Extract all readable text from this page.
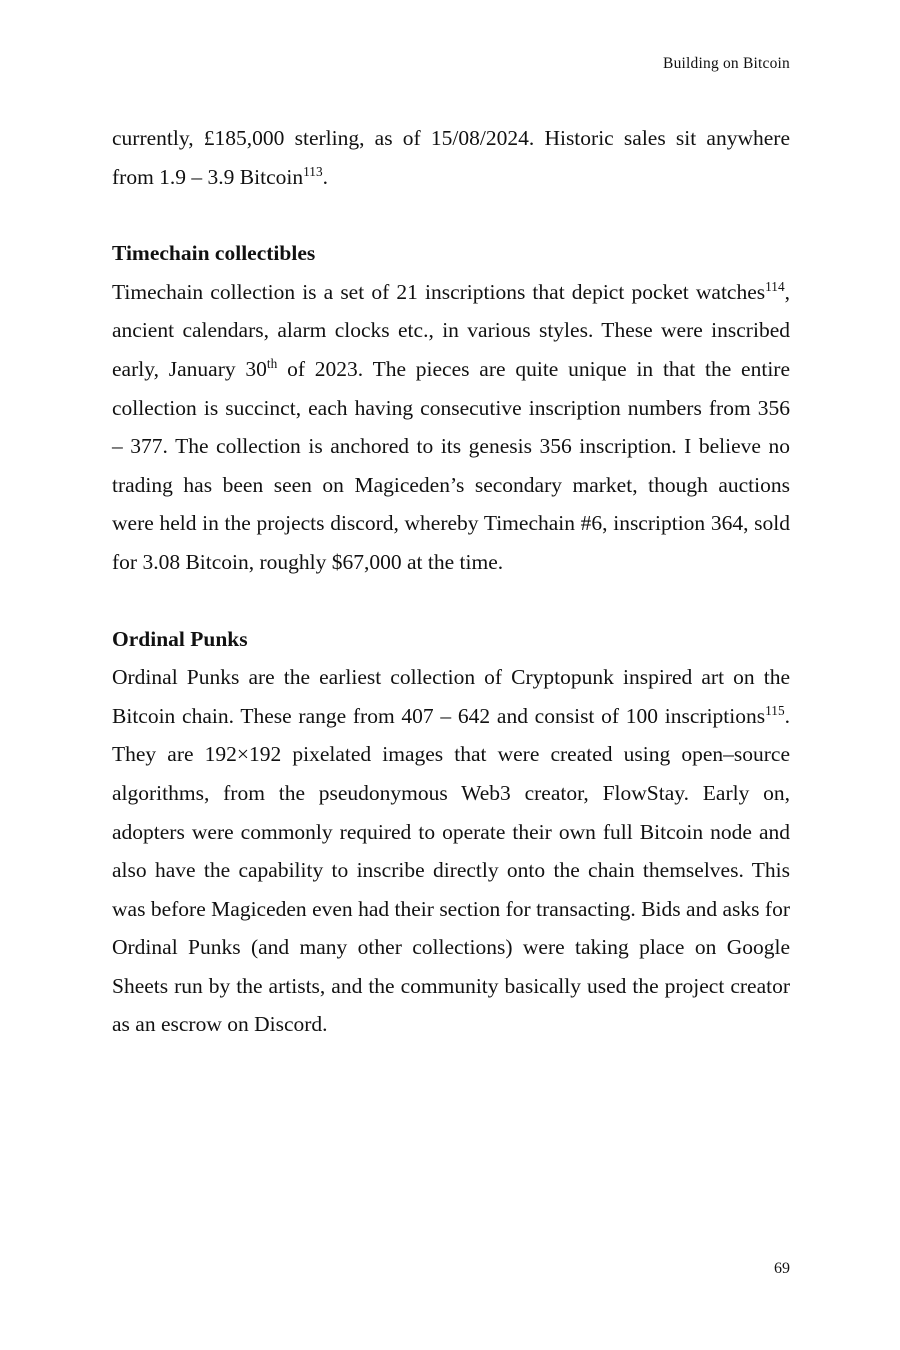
Building on Bitcoin

currently, £185,000 sterling, as of 15/08/2024. Historic sales sit anywhere from 1.9 – 3.9 Bitcoin$^{113}$.

Timechain collectibles

Timechain collection is a set of 21 inscriptions that depict pocket watches$^{114}$, ancient calendars, alarm clocks etc., in various styles. These were inscribed early, January 30th of 2023. The pieces are quite unique in that the entire collection is succinct, each having consecutive inscription numbers from 356 – 377. The collection is anchored to its genesis 356 inscription. I believe no trading has been seen on Magiceden’s secondary market, though auctions were held in the projects discord, whereby Timechain #6, inscription 364, sold for 3.08 Bitcoin, roughly $67,000 at the time.

Ordinal Punks

Ordinal Punks are the earliest collection of Cryptopunk inspired art on the Bitcoin chain. These range from 407 – 642 and consist of 100 inscriptions$^{115}$. They are 192×192 pixelated images that were created using open–source algorithms, from the pseudonymous Web3 creator, FlowStay. Early on, adopters were commonly required to operate their own full Bitcoin node and also have the capability to inscribe directly onto the chain themselves. This was before Magiceden even had their section for transacting. Bids and asks for Ordinal Punks (and many other collections) were taking place on Google Sheets run by the artists, and the community basically used the project creator as an escrow on Discord.

69
